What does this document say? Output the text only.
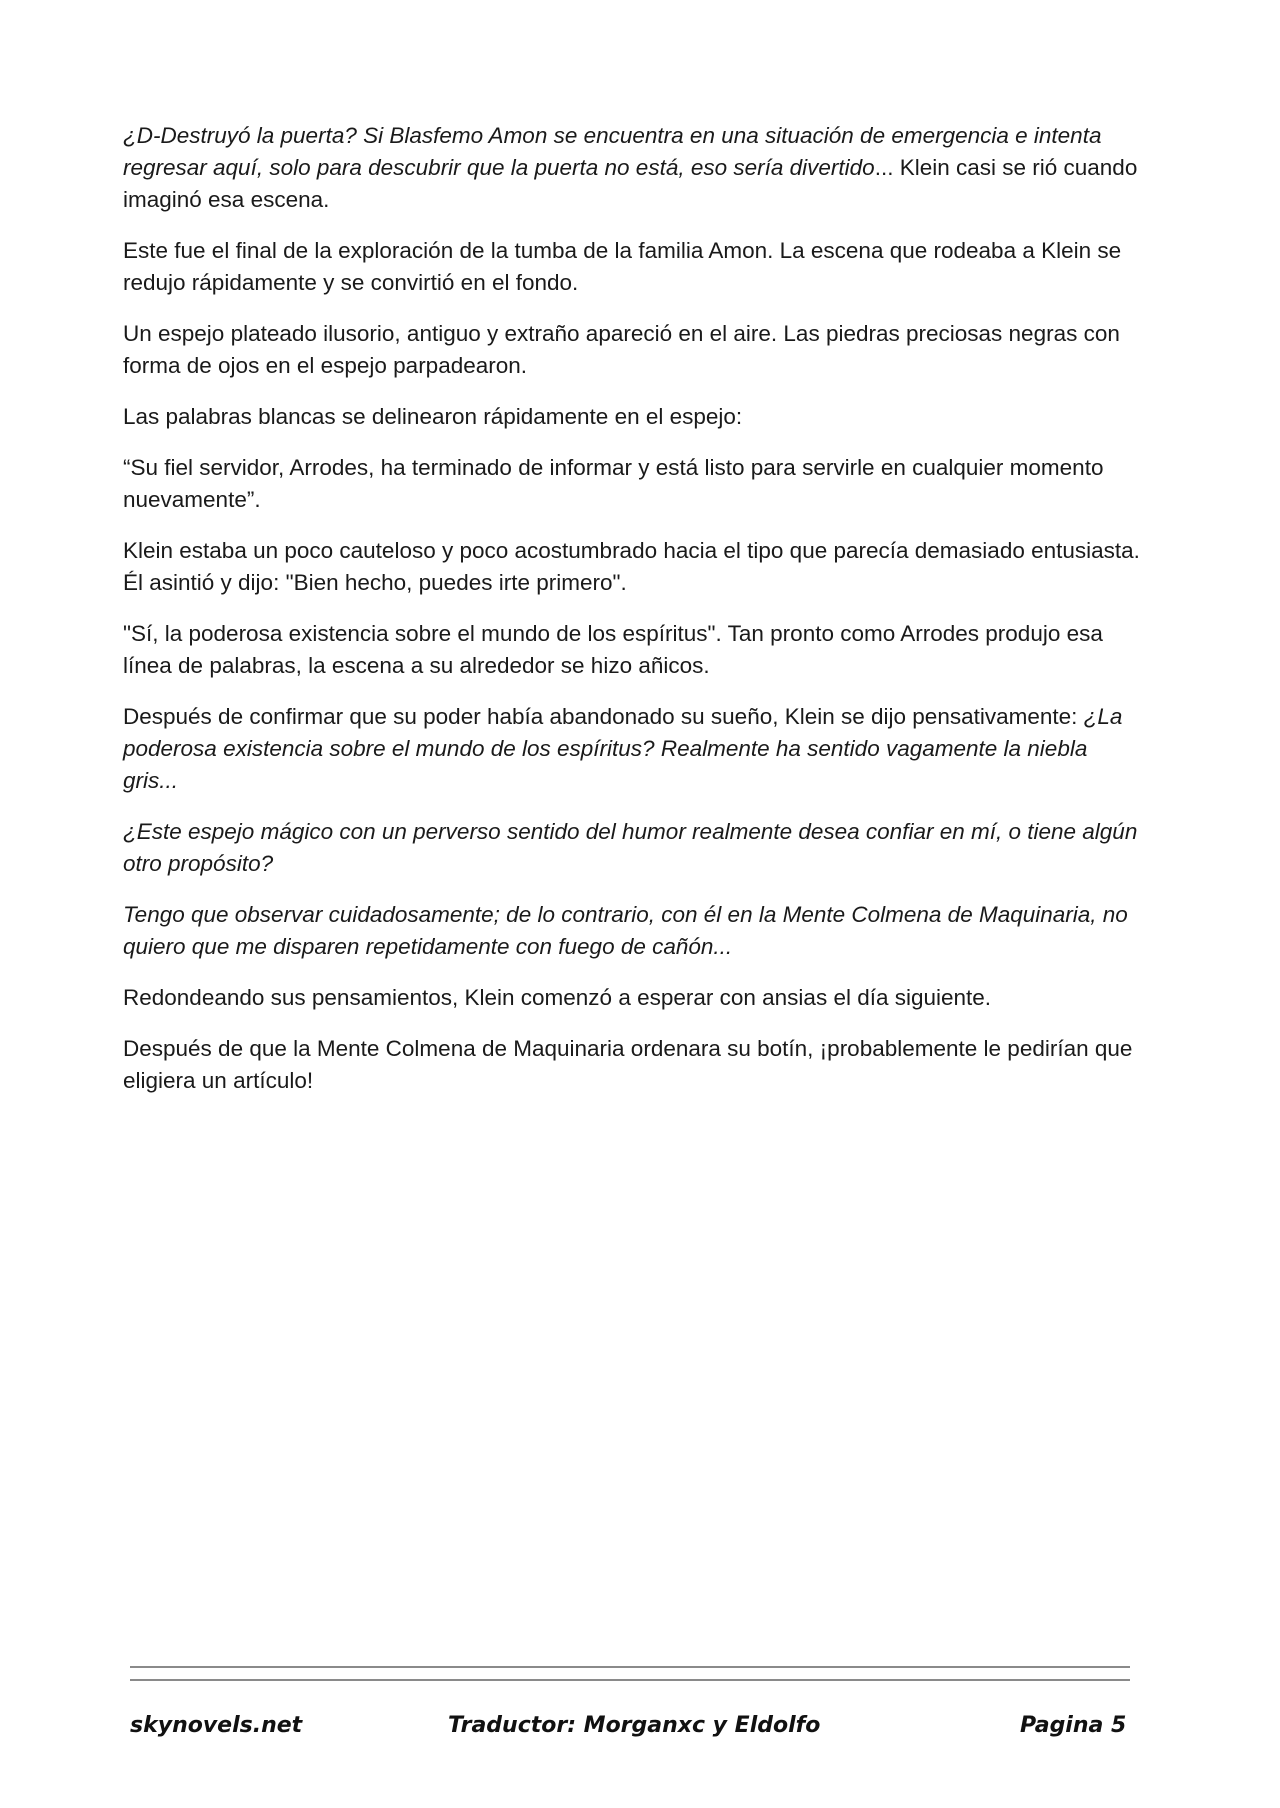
¿D-Destruyó la puerta? Si Blasfemo Amon se encuentra en una situación de emergencia e intenta regresar aquí, solo para descubrir que la puerta no está, eso sería divertido... Klein casi se rió cuando imaginó esa escena.

Este fue el final de la exploración de la tumba de la familia Amon. La escena que rodeaba a Klein se redujo rápidamente y se convirtió en el fondo.

Un espejo plateado ilusorio, antiguo y extraño apareció en el aire. Las piedras preciosas negras con forma de ojos en el espejo parpadearon.

Las palabras blancas se delinearon rápidamente en el espejo:

“Su fiel servidor, Arrodes, ha terminado de informar y está listo para servirle en cualquier momento nuevamente”.

Klein estaba un poco cauteloso y poco acostumbrado hacia el tipo que parecía demasiado entusiasta. Él asintió y dijo: "Bien hecho, puedes irte primero".

"Sí, la poderosa existencia sobre el mundo de los espíritus". Tan pronto como Arrodes produjo esa línea de palabras, la escena a su alrededor se hizo añicos.

Después de confirmar que su poder había abandonado su sueño, Klein se dijo pensativamente: ¿La poderosa existencia sobre el mundo de los espíritus? Realmente ha sentido vagamente la niebla gris...

¿Este espejo mágico con un perverso sentido del humor realmente desea confiar en mí, o tiene algún otro propósito?

Tengo que observar cuidadosamente; de lo contrario, con él en la Mente Colmena de Maquinaria, no quiero que me disparen repetidamente con fuego de cañón...

Redondeando sus pensamientos, Klein comenzó a esperar con ansias el día siguiente.

Después de que la Mente Colmena de Maquinaria ordenara su botín, ¡probablemente le pedirían que eligiera un artículo!

skynovels.net	Traductor: Morganxc y Eldolfo	Pagina 5
